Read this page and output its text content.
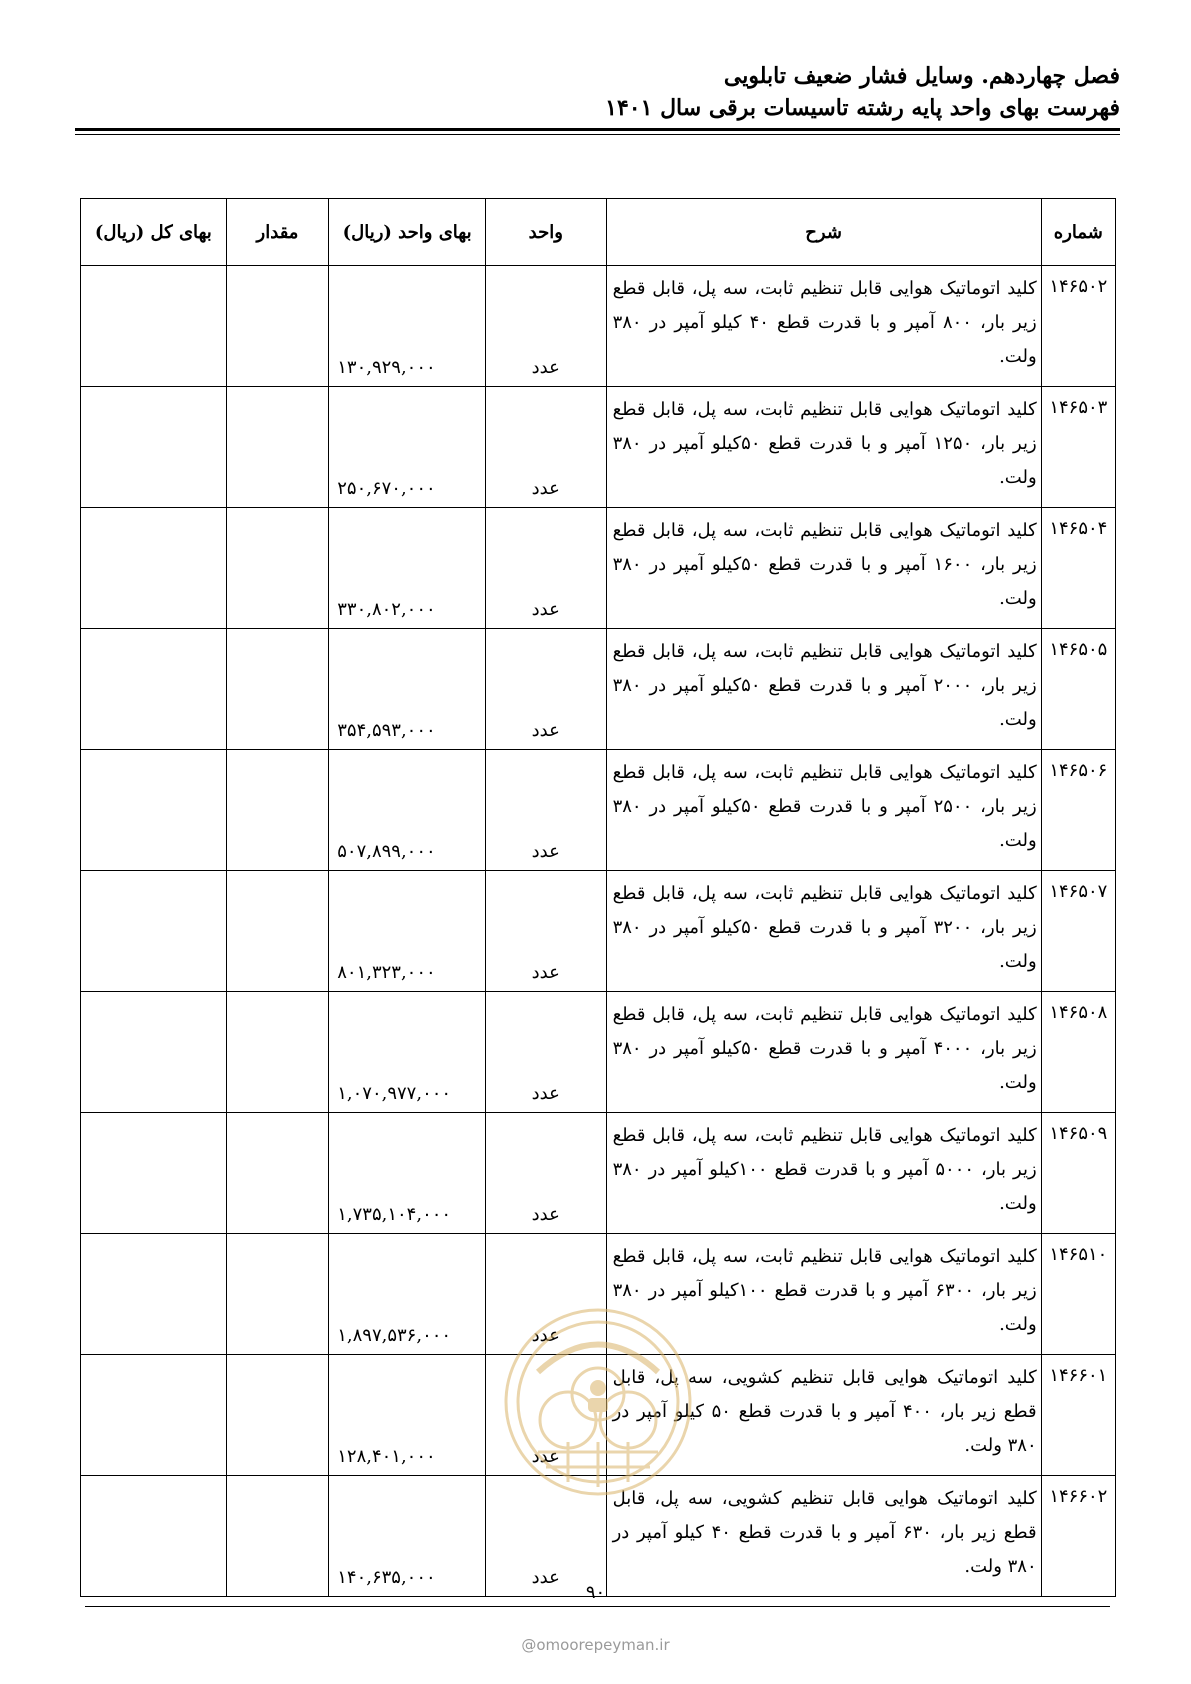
فصل چهاردهم. وسایل فشار ضعیف تابلویی
فهرست بهای واحد پایه رشته تاسیسات برقی سال ۱۴۰۱
شماره	شرح	واحد	بهای واحد (ریال)	مقدار	بهای کل (ریال)
۱۴۶۵۰۲	کلید اتوماتیک هوایی قابل تنظیم ثابت، سه پل، قابل قطع زیر بار، ۸۰۰ آمپر و با قدرت قطع ۴۰ کیلو آمپر در ۳۸۰ ولت.	عدد	۱۳۰,۹۲۹,۰۰۰		
۱۴۶۵۰۳	کلید اتوماتیک هوایی قابل تنظیم ثابت، سه پل، قابل قطع زیر بار، ۱۲۵۰ آمپر و با قدرت قطع ۵۰کیلو آمپر در ۳۸۰ ولت.	عدد	۲۵۰,۶۷۰,۰۰۰		
۱۴۶۵۰۴	کلید اتوماتیک هوایی قابل تنظیم ثابت، سه پل، قابل قطع زیر بار، ۱۶۰۰ آمپر و با قدرت قطع ۵۰کیلو آمپر در ۳۸۰ ولت.	عدد	۳۳۰,۸۰۲,۰۰۰		
۱۴۶۵۰۵	کلید اتوماتیک هوایی قابل تنظیم ثابت، سه پل، قابل قطع زیر بار، ۲۰۰۰ آمپر و با قدرت قطع ۵۰کیلو آمپر در ۳۸۰ ولت.	عدد	۳۵۴,۵۹۳,۰۰۰		
۱۴۶۵۰۶	کلید اتوماتیک هوایی قابل تنظیم ثابت، سه پل، قابل قطع زیر بار، ۲۵۰۰ آمپر و با قدرت قطع ۵۰کیلو آمپر در ۳۸۰ ولت.	عدد	۵۰۷,۸۹۹,۰۰۰		
۱۴۶۵۰۷	کلید اتوماتیک هوایی قابل تنظیم ثابت، سه پل، قابل قطع زیر بار، ۳۲۰۰ آمپر و با قدرت قطع ۵۰کیلو آمپر در ۳۸۰ ولت.	عدد	۸۰۱,۳۲۳,۰۰۰		
۱۴۶۵۰۸	کلید اتوماتیک هوایی قابل تنظیم ثابت، سه پل، قابل قطع زیر بار، ۴۰۰۰ آمپر و با قدرت قطع ۵۰کیلو آمپر در ۳۸۰ ولت.	عدد	۱,۰۷۰,۹۷۷,۰۰۰		
۱۴۶۵۰۹	کلید اتوماتیک هوایی قابل تنظیم ثابت، سه پل، قابل قطع زیر بار، ۵۰۰۰ آمپر و با قدرت قطع ۱۰۰کیلو آمپر در ۳۸۰ ولت.	عدد	۱,۷۳۵,۱۰۴,۰۰۰		
۱۴۶۵۱۰	کلید اتوماتیک هوایی قابل تنظیم ثابت، سه پل، قابل قطع زیر بار، ۶۳۰۰ آمپر و با قدرت قطع ۱۰۰کیلو آمپر در ۳۸۰ ولت.	عدد	۱,۸۹۷,۵۳۶,۰۰۰		
۱۴۶۶۰۱	کلید اتوماتیک هوایی قابل تنظیم کشویی، سه پل، قابل قطع زیر بار، ۴۰۰ آمپر و با قدرت قطع ۵۰ کیلو آمپر در ۳۸۰ ولت.	عدد	۱۲۸,۴۰۱,۰۰۰		
۱۴۶۶۰۲	کلید اتوماتیک هوایی قابل تنظیم کشویی، سه پل، قابل قطع زیر بار، ۶۳۰ آمپر و با قدرت قطع ۴۰ کیلو آمپر در ۳۸۰ ولت.	عدد	۱۴۰,۶۳۵,۰۰۰		
۹۰
@omoorepeyman.ir
